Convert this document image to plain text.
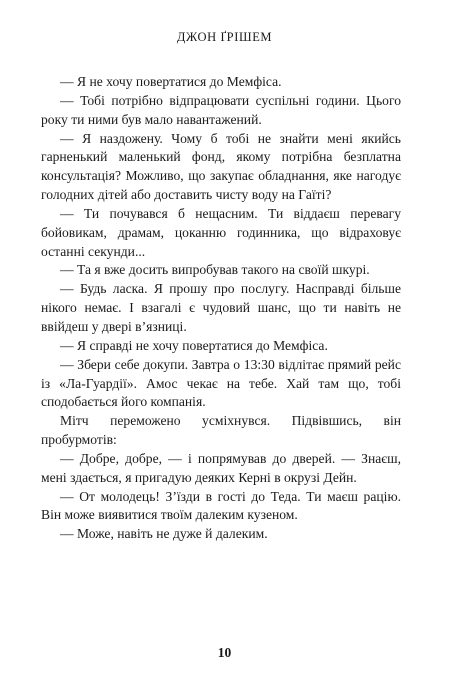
ДЖОН ҐРІШЕМ

— Я не хочу повертатися до Мемфіса.

— Тобі потрібно відпрацювати суспільні години. Цього року ти ними був мало навантажений.

— Я наздожену. Чому б тобі не знайти мені якийсь гарненький маленький фонд, якому потрібна безплатна консультація? Можливо, що закупає обладнання, яке нагодує голодних дітей або доставить чисту воду на Гаїті?

— Ти почувався б нещасним. Ти віддаєш перевагу бойовикам, драмам, цоканню годинника, що відраховує останні секунди...

— Та я вже досить випробував такого на своїй шкурі.

— Будь ласка. Я прошу про послугу. Насправді більше нікого немає. І взагалі є чудовий шанс, що ти навіть не ввійдеш у двері в’язниці.

— Я справді не хочу повертатися до Мемфіса.

— Збери себе докупи. Завтра о 13:30 відлітає прямий рейс із «Ла-Гуардії». Амос чекає на тебе. Хай там що, тобі сподобається його компанія.

Мітч переможено усміхнувся. Підвівшись, він пробурмотів:

— Добре, добре, — і попрямував до дверей. — Знаєш, мені здається, я пригадую деяких Керні в окрузі Дейн.

— От молодець! З’їзди в гості до Теда. Ти маєш рацію. Він може виявитися твоїм далеким кузеном.

— Може, навіть не дуже й далеким.

10
